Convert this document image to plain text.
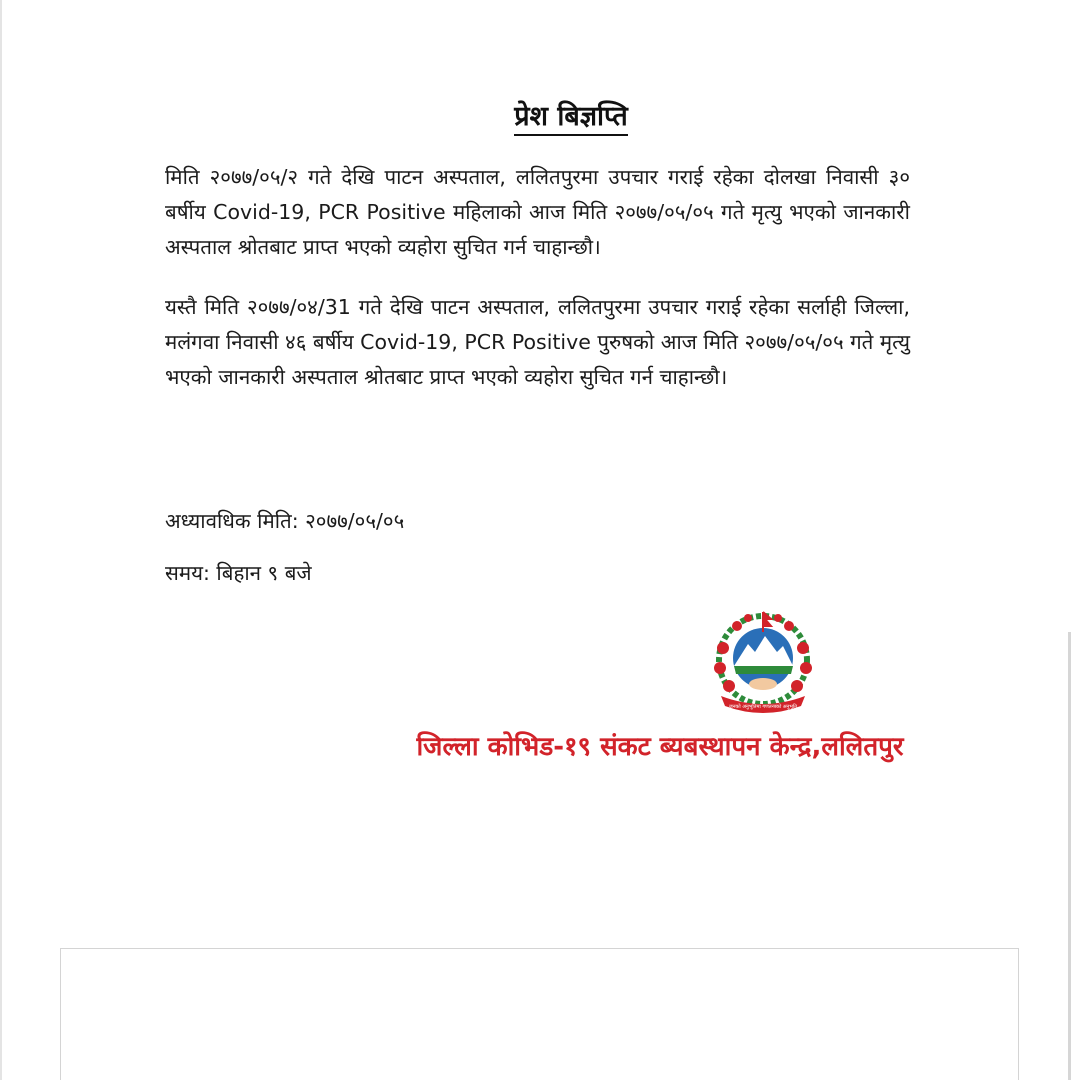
प्रेश बिज्ञप्ति

मिति २०७७/०५/२ गते देखि पाटन अस्पताल, ललितपुरमा उपचार गराई रहेका दोलखा निवासी ३० बर्षीय Covid-19, PCR Positive महिलाको आज मिति २०७७/०५/०५ गते मृत्यु भएको जानकारी अस्पताल श्रोतबाट प्राप्त भएको व्यहोरा सुचित गर्न चाहान्छौ।

यस्तै मिति २०७७/०४/31 गते देखि पाटन अस्पताल, ललितपुरमा उपचार गराई रहेका सर्लाही जिल्ला, मलंगवा निवासी ४६ बर्षीय Covid-19, PCR Positive पुरुषको आज मिति २०७७/०५/०५ गते मृत्यु भएको जानकारी अस्पताल श्रोतबाट प्राप्त भएको व्यहोरा सुचित गर्न चाहान्छौ।

अध्यावधिक मिति: २०७७/०५/०५

समय: बिहान ९ बजे

जनको अनुभूतिमा गणतन्त्रको अनुभूति

जिल्ला कोभिड-१९ संकट ब्यबस्थापन केन्द्र,ललितपुर
